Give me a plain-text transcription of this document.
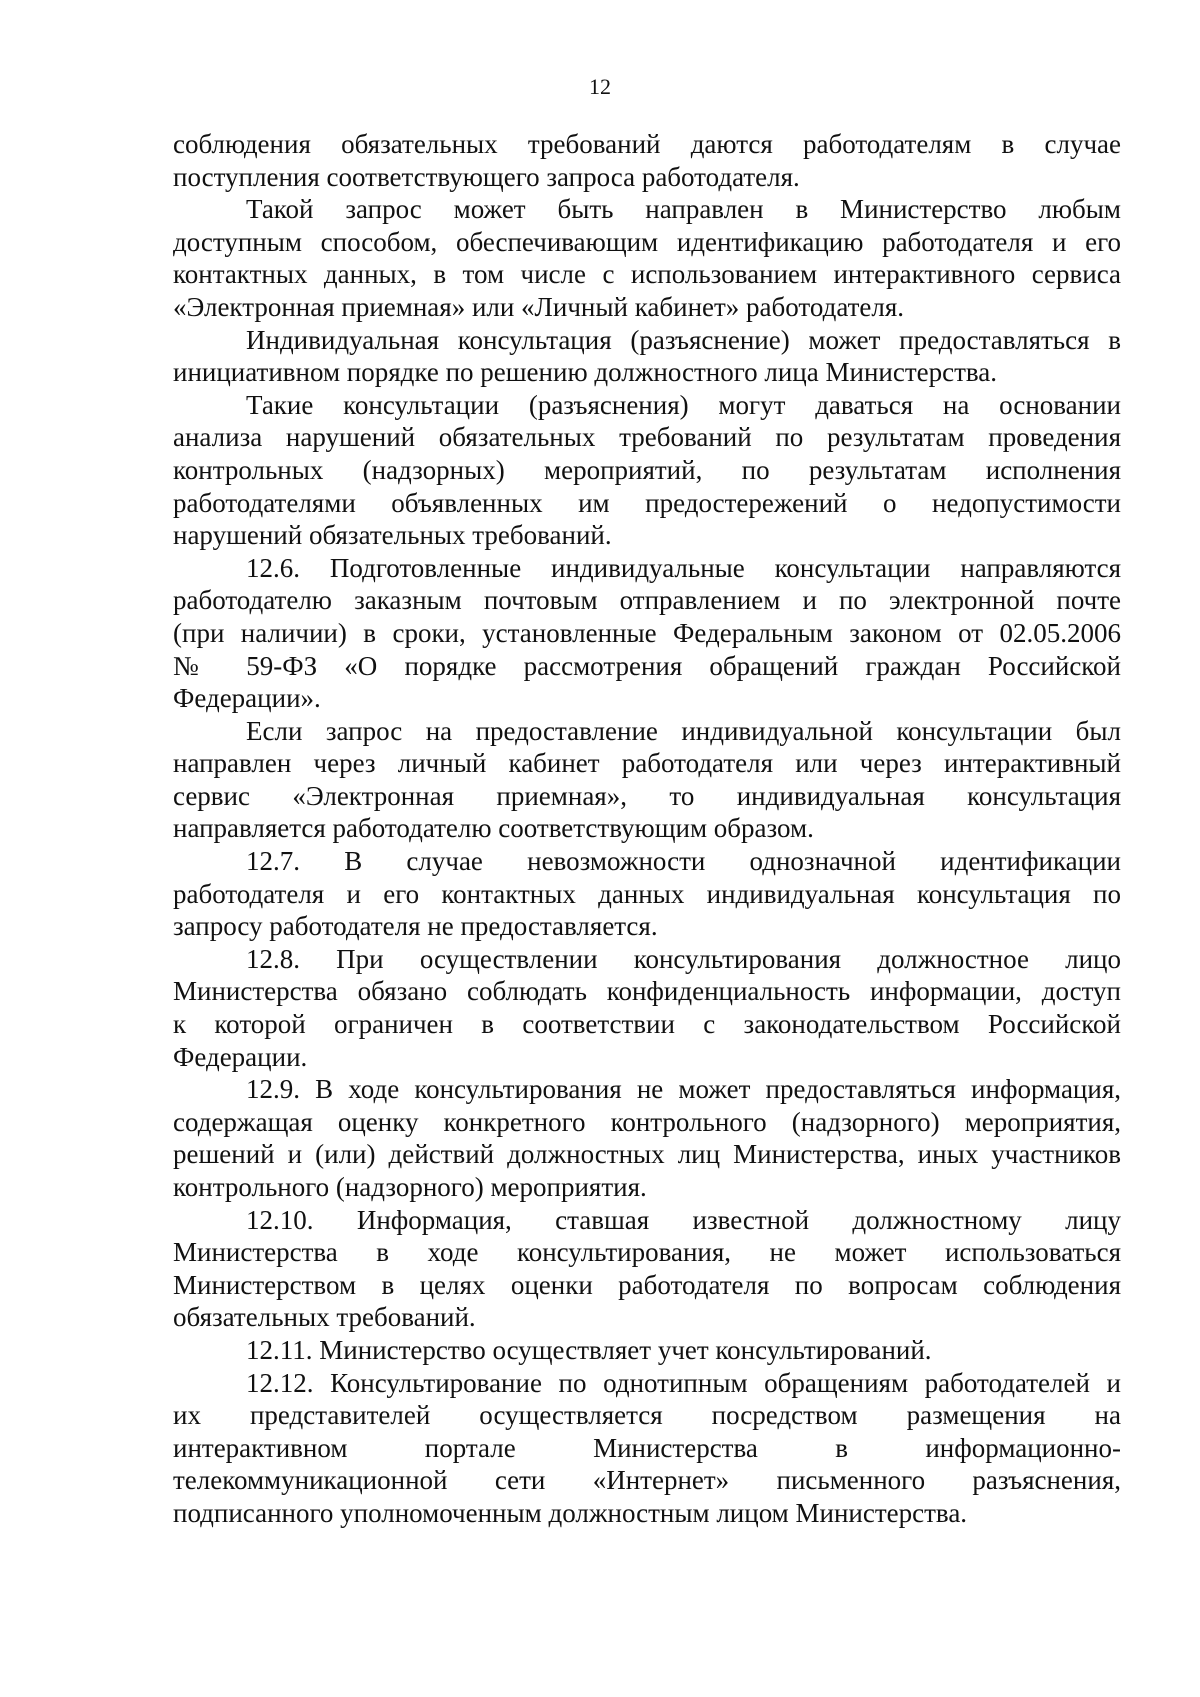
12
соблюдения обязательных требований даются работодателям в случае
поступления соответствующего запроса работодателя.
Такой запрос может быть направлен в Министерство любым
доступным способом, обеспечивающим идентификацию работодателя и его
контактных данных, в том числе с использованием интерактивного сервиса
«Электронная приемная» или «Личный кабинет» работодателя.
Индивидуальная консультация (разъяснение) может предоставляться в
инициативном порядке по решению должностного лица Министерства.
Такие консультации (разъяснения) могут даваться на основании
анализа нарушений обязательных требований по результатам проведения
контрольных (надзорных) мероприятий, по результатам исполнения
работодателями объявленных им предостережений о недопустимости
нарушений обязательных требований.
12.6. Подготовленные индивидуальные консультации направляются
работодателю заказным почтовым отправлением и по электронной почте
(при наличии) в сроки, установленные Федеральным законом от 02.05.2006
№ 59-ФЗ «О порядке рассмотрения обращений граждан Российской
Федерации».
Если запрос на предоставление индивидуальной консультации был
направлен через личный кабинет работодателя или через интерактивный
сервис «Электронная приемная», то индивидуальная консультация
направляется работодателю соответствующим образом.
12.7. В случае невозможности однозначной идентификации
работодателя и его контактных данных индивидуальная консультация по
запросу работодателя не предоставляется.
12.8. При осуществлении консультирования должностное лицо
Министерства обязано соблюдать конфиденциальность информации, доступ
к которой ограничен в соответствии с законодательством Российской
Федерации.
12.9. В ходе консультирования не может предоставляться информация,
содержащая оценку конкретного контрольного (надзорного) мероприятия,
решений и (или) действий должностных лиц Министерства, иных участников
контрольного (надзорного) мероприятия.
12.10. Информация, ставшая известной должностному лицу
Министерства в ходе консультирования, не может использоваться
Министерством в целях оценки работодателя по вопросам соблюдения
обязательных требований.
12.11. Министерство осуществляет учет консультирований.
12.12. Консультирование по однотипным обращениям работодателей и
их представителей осуществляется посредством размещения на
интерактивном портале Министерства в информационно-
телекоммуникационной сети «Интернет» письменного разъяснения,
подписанного уполномоченным должностным лицом Министерства.
